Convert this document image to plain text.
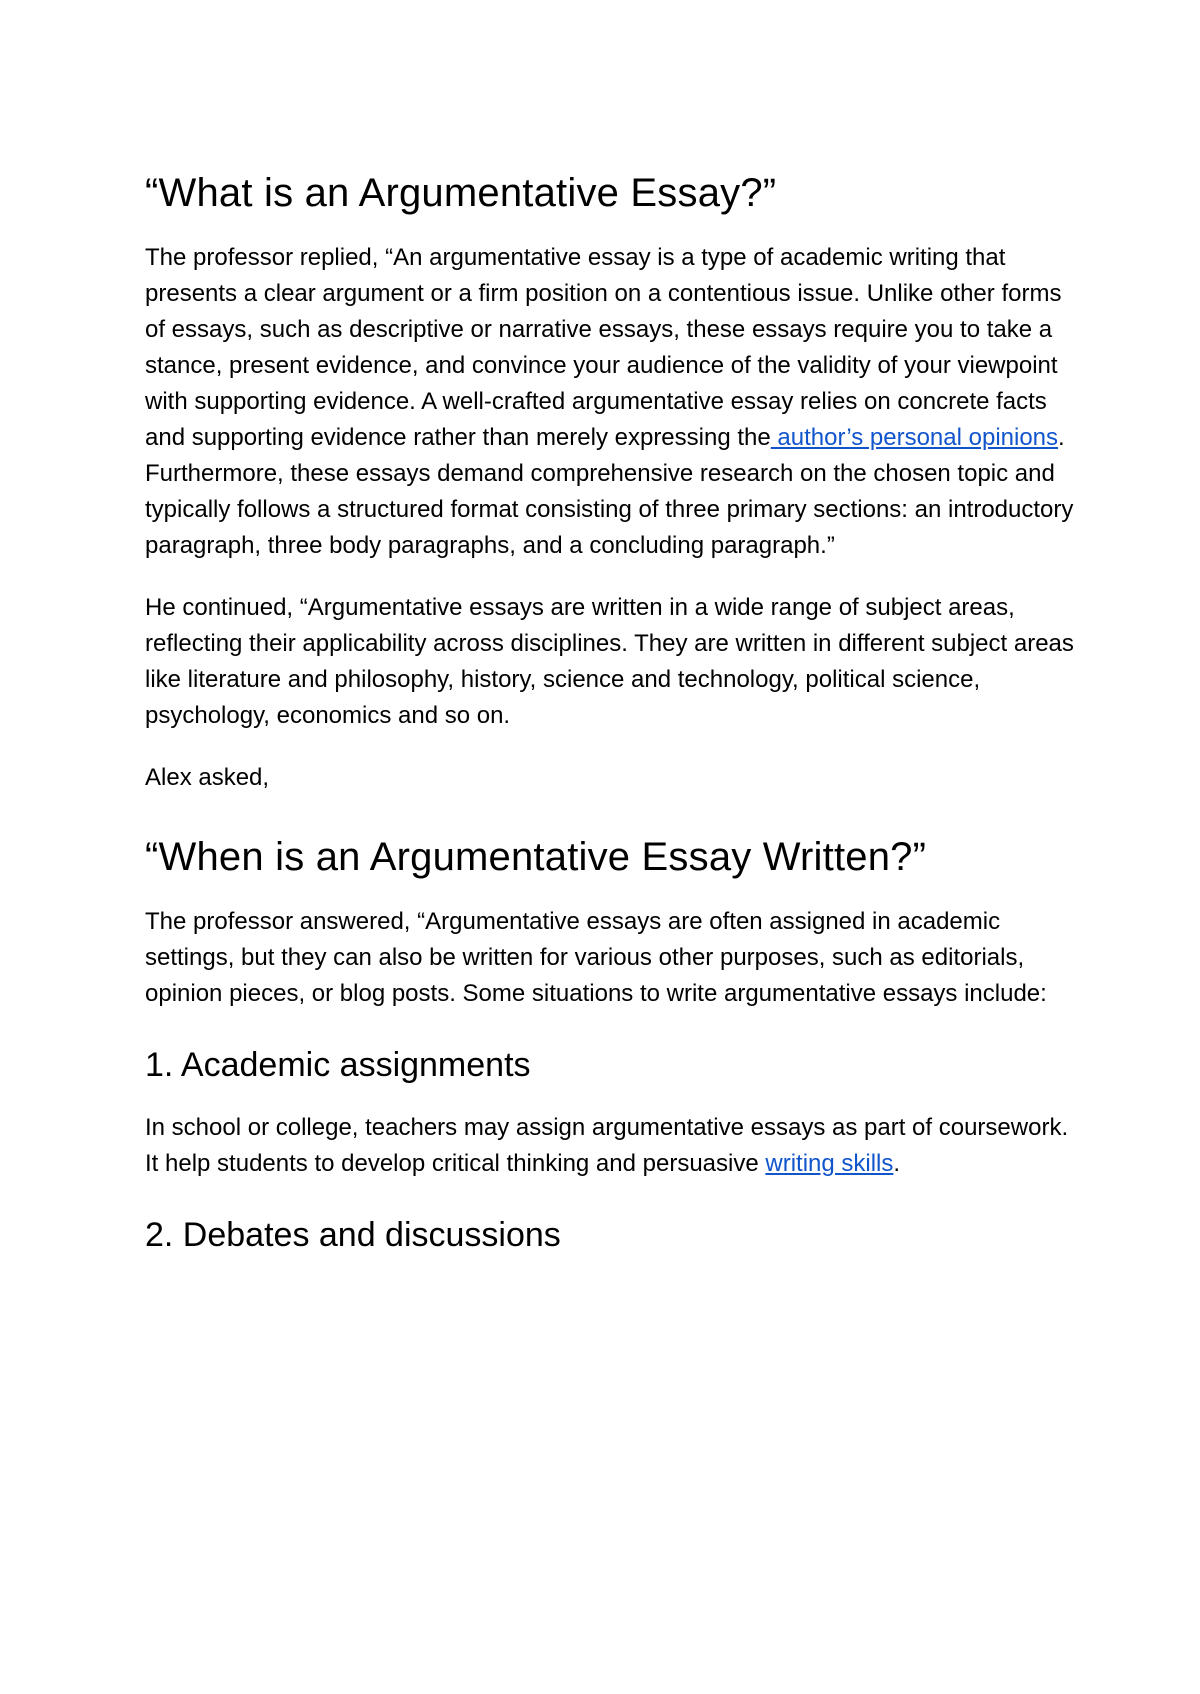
“What is an Argumentative Essay?”

The professor replied, “An argumentative essay is a type of academic writing that presents a clear argument or a firm position on a contentious issue. Unlike other forms of essays, such as descriptive or narrative essays, these essays require you to take a stance, present evidence, and convince your audience of the validity of your viewpoint with supporting evidence. A well-crafted argumentative essay relies on concrete facts and supporting evidence rather than merely expressing the author’s personal opinions. Furthermore, these essays demand comprehensive research on the chosen topic and typically follows a structured format consisting of three primary sections: an introductory paragraph, three body paragraphs, and a concluding paragraph.”

He continued, “Argumentative essays are written in a wide range of subject areas, reflecting their applicability across disciplines. They are written in different subject areas like literature and philosophy, history, science and technology, political science, psychology, economics and so on.

Alex asked,

“When is an Argumentative Essay Written?”

The professor answered, “Argumentative essays are often assigned in academic settings, but they can also be written for various other purposes, such as editorials, opinion pieces, or blog posts. Some situations to write argumentative essays include:

1. Academic assignments

In school or college, teachers may assign argumentative essays as part of coursework. It help students to develop critical thinking and persuasive writing skills.

2. Debates and discussions
